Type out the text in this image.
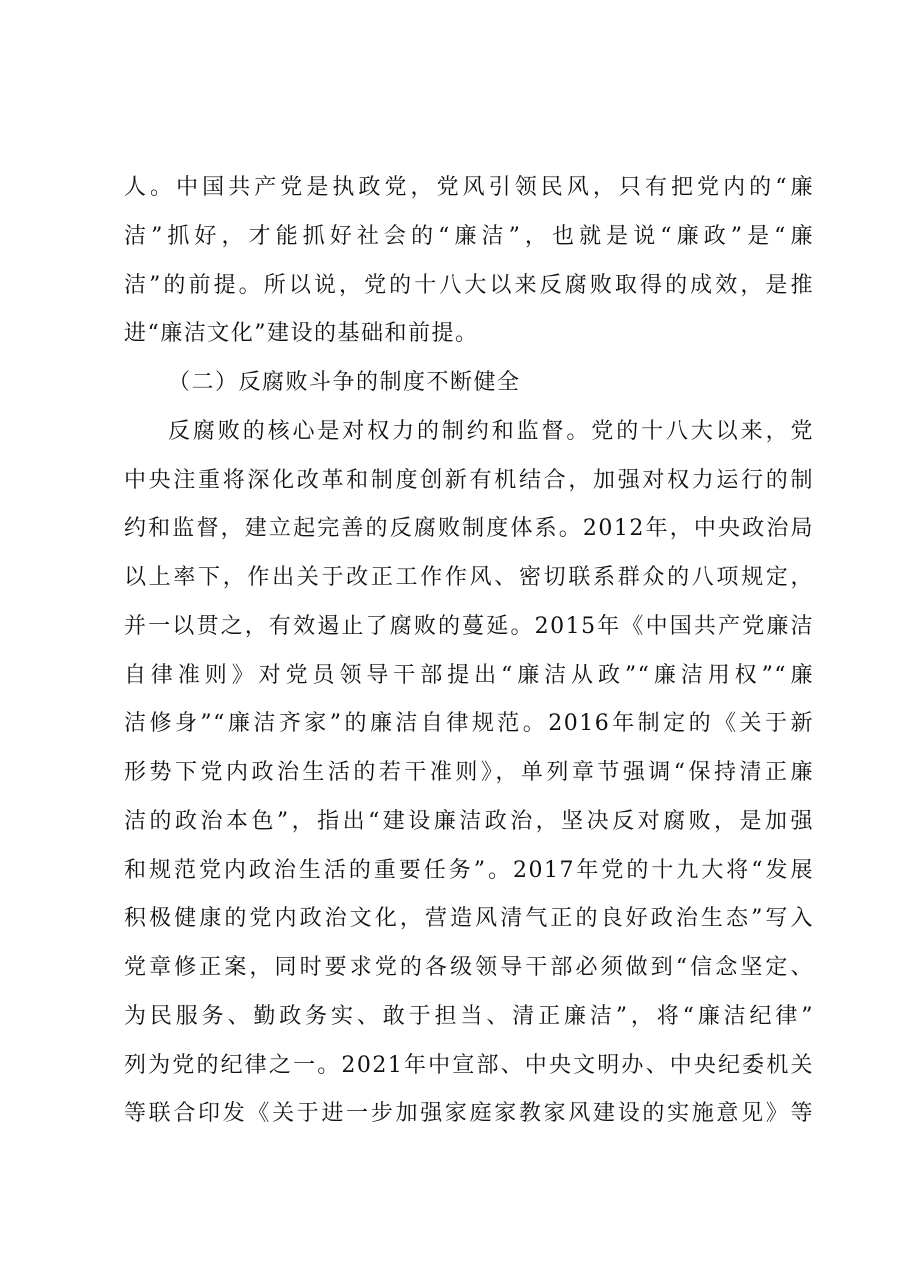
人。中国共产党是执政党，党风引领民风，只有把党内的“廉
洁”抓好，才能抓好社会的“廉洁”，也就是说“廉政”是“廉
洁”的前提。所以说，党的十八大以来反腐败取得的成效，是推
进“廉洁文化”建设的基础和前提。
（二）反腐败斗争的制度不断健全
反腐败的核心是对权力的制约和监督。党的十八大以来，党
中央注重将深化改革和制度创新有机结合，加强对权力运行的制
约和监督，建立起完善的反腐败制度体系。2012年，中央政治局
以上率下，作出关于改正工作作风、密切联系群众的八项规定，
并一以贯之，有效遏止了腐败的蔓延。2015年《中国共产党廉洁
自律准则》对党员领导干部提出“廉洁从政”“廉洁用权”“廉
洁修身”“廉洁齐家”的廉洁自律规范。2016年制定的《关于新
形势下党内政治生活的若干准则》，单列章节强调“保持清正廉
洁的政治本色”，指出“建设廉洁政治，坚决反对腐败，是加强
和规范党内政治生活的重要任务”。2017年党的十九大将“发展
积极健康的党内政治文化，营造风清气正的良好政治生态”写入
党章修正案，同时要求党的各级领导干部必须做到“信念坚定、
为民服务、勤政务实、敢于担当、清正廉洁”，将“廉洁纪律”
列为党的纪律之一。2021年中宣部、中央文明办、中央纪委机关
等联合印发《关于进一步加强家庭家教家风建设的实施意见》等
